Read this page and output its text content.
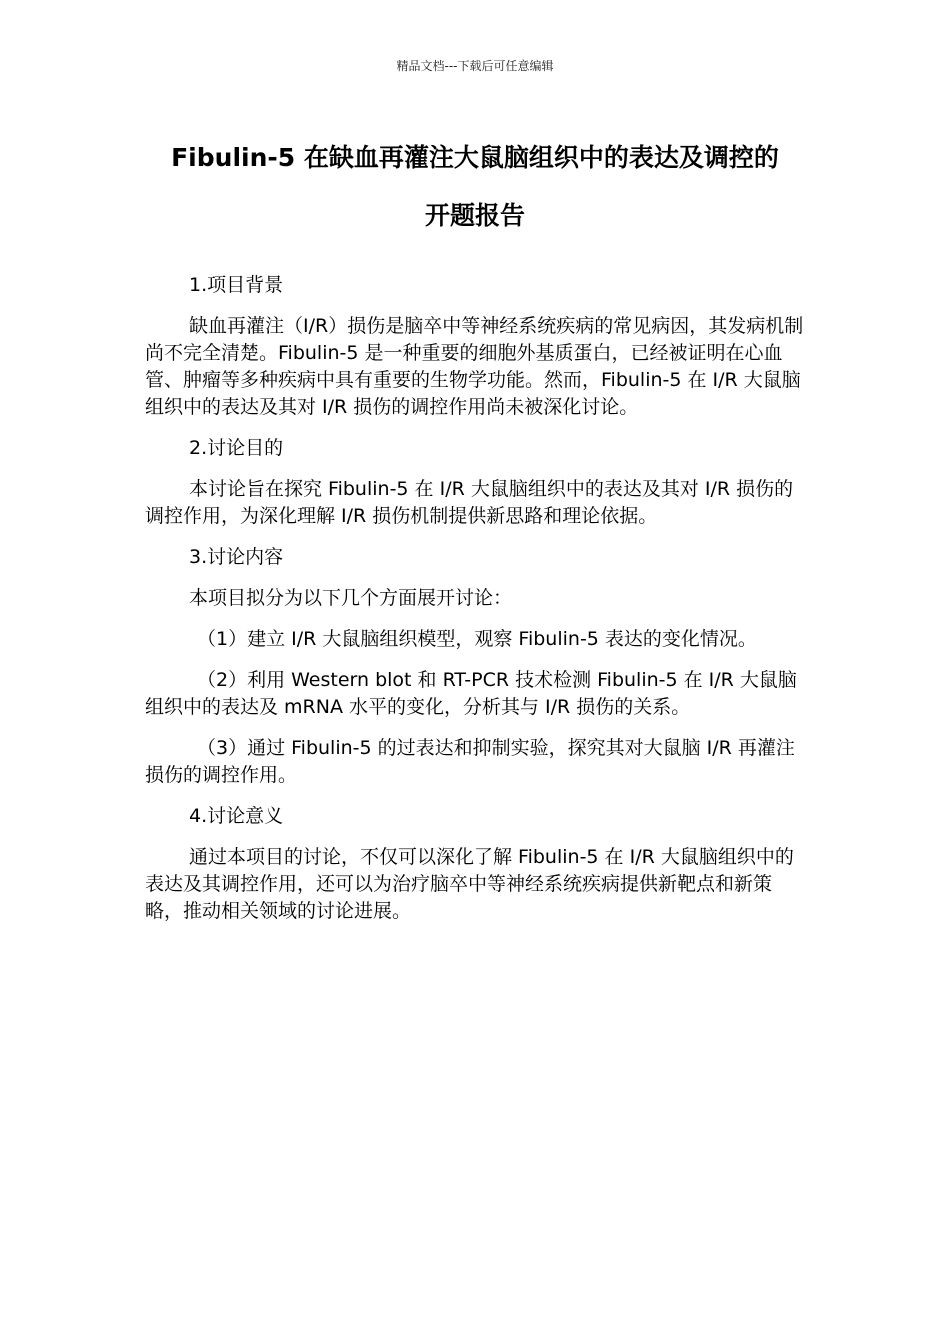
精品文档---下载后可任意编辑
Fibulin-5 在缺血再灌注大鼠脑组织中的表达及调控的
开题报告

1.项目背景

缺血再灌注（I/R）损伤是脑卒中等神经系统疾病的常见病因，其发病机制尚不完全清楚。Fibulin-5 是一种重要的细胞外基质蛋白，已经被证明在心血管、肿瘤等多种疾病中具有重要的生物学功能。然而，Fibulin-5 在 I/R 大鼠脑组织中的表达及其对 I/R 损伤的调控作用尚未被深化讨论。

2.讨论目的

本讨论旨在探究 Fibulin-5 在 I/R 大鼠脑组织中的表达及其对 I/R 损伤的调控作用，为深化理解 I/R 损伤机制提供新思路和理论依据。

3.讨论内容

本项目拟分为以下几个方面展开讨论：

（1）建立 I/R 大鼠脑组织模型，观察 Fibulin-5 表达的变化情况。

（2）利用 Western blot 和 RT-PCR 技术检测 Fibulin-5 在 I/R 大鼠脑组织中的表达及 mRNA 水平的变化，分析其与 I/R 损伤的关系。

（3）通过 Fibulin-5 的过表达和抑制实验，探究其对大鼠脑 I/R 再灌注损伤的调控作用。

4.讨论意义

通过本项目的讨论，不仅可以深化了解 Fibulin-5 在 I/R 大鼠脑组织中的表达及其调控作用，还可以为治疗脑卒中等神经系统疾病提供新靶点和新策略，推动相关领域的讨论进展。
